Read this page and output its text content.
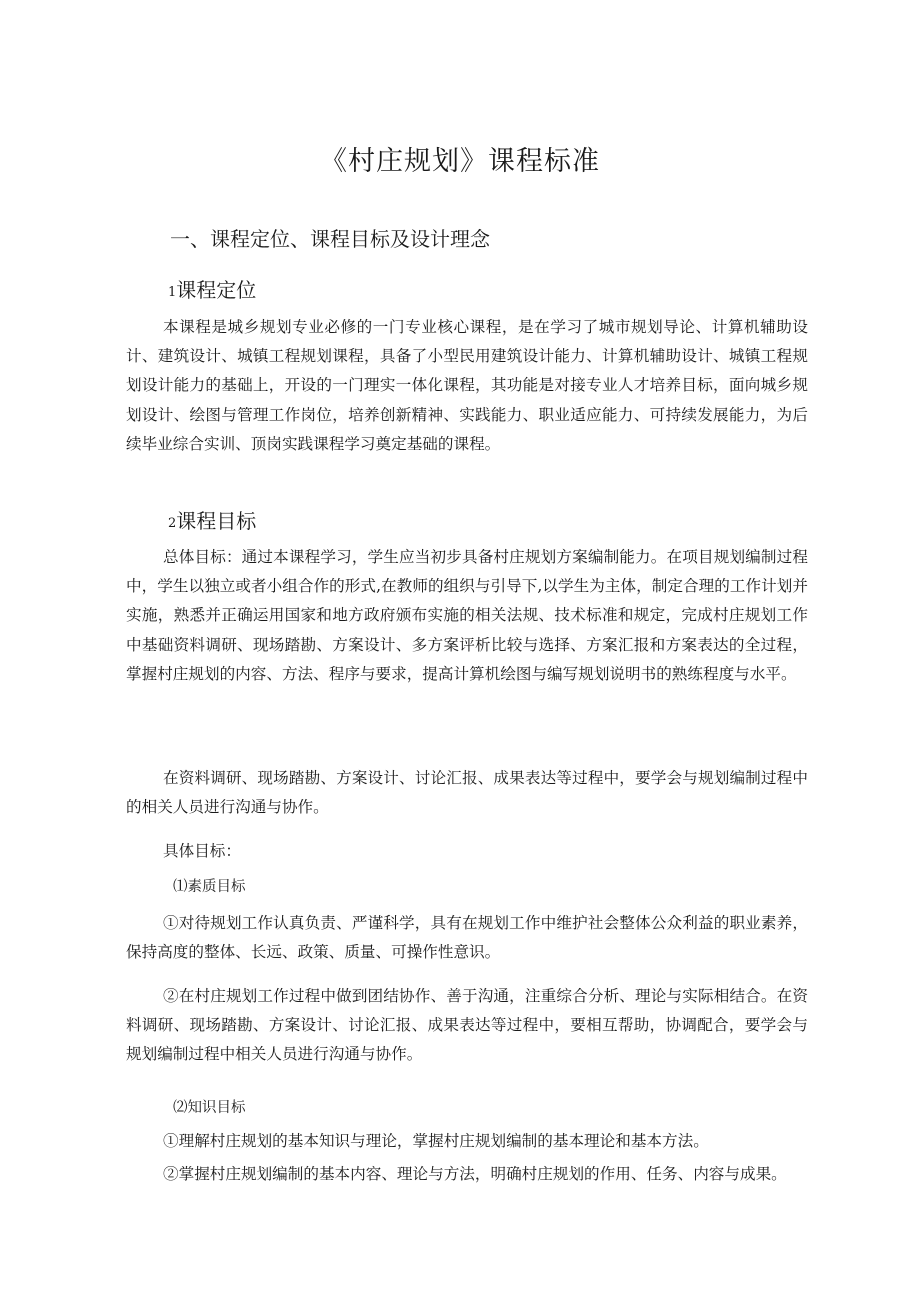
《村庄规划》课程标准
一、课程定位、课程目标及设计理念
1课程定位

本课程是城乡规划专业必修的一门专业核心课程，是在学习了城市规划导论、计算机辅助设计、建筑设计、城镇工程规划课程，具备了小型民用建筑设计能力、计算机辅助设计、城镇工程规划设计能力的基础上，开设的一门理实一体化课程，其功能是对接专业人才培养目标，面向城乡规划设计、绘图与管理工作岗位，培养创新精神、实践能力、职业适应能力、可持续发展能力，为后续毕业综合实训、顶岗实践课程学习奠定基础的课程。

2课程目标

总体目标：通过本课程学习，学生应当初步具备村庄规划方案编制能力。在项目规划编制过程中，学生以独立或者小组合作的形式,在教师的组织与引导下,以学生为主体，制定合理的工作计划并实施，熟悉并正确运用国家和地方政府颁布实施的相关法规、技术标准和规定，完成村庄规划工作中基础资料调研、现场踏勘、方案设计、多方案评析比较与选择、方案汇报和方案表达的全过程，掌握村庄规划的内容、方法、程序与要求，提高计算机绘图与编写规划说明书的熟练程度与水平。

在资料调研、现场踏勘、方案设计、讨论汇报、成果表达等过程中，要学会与规划编制过程中的相关人员进行沟通与协作。

具体目标：
⑴素质目标

①对待规划工作认真负责、严谨科学，具有在规划工作中维护社会整体公众利益的职业素养，保持高度的整体、长远、政策、质量、可操作性意识。

②在村庄规划工作过程中做到团结协作、善于沟通，注重综合分析、理论与实际相结合。在资料调研、现场踏勘、方案设计、讨论汇报、成果表达等过程中，要相互帮助，协调配合，要学会与规划编制过程中相关人员进行沟通与协作。

⑵知识目标

①理解村庄规划的基本知识与理论，掌握村庄规划编制的基本理论和基本方法。

②掌握村庄规划编制的基本内容、理论与方法，明确村庄规划的作用、任务、内容与成果。
